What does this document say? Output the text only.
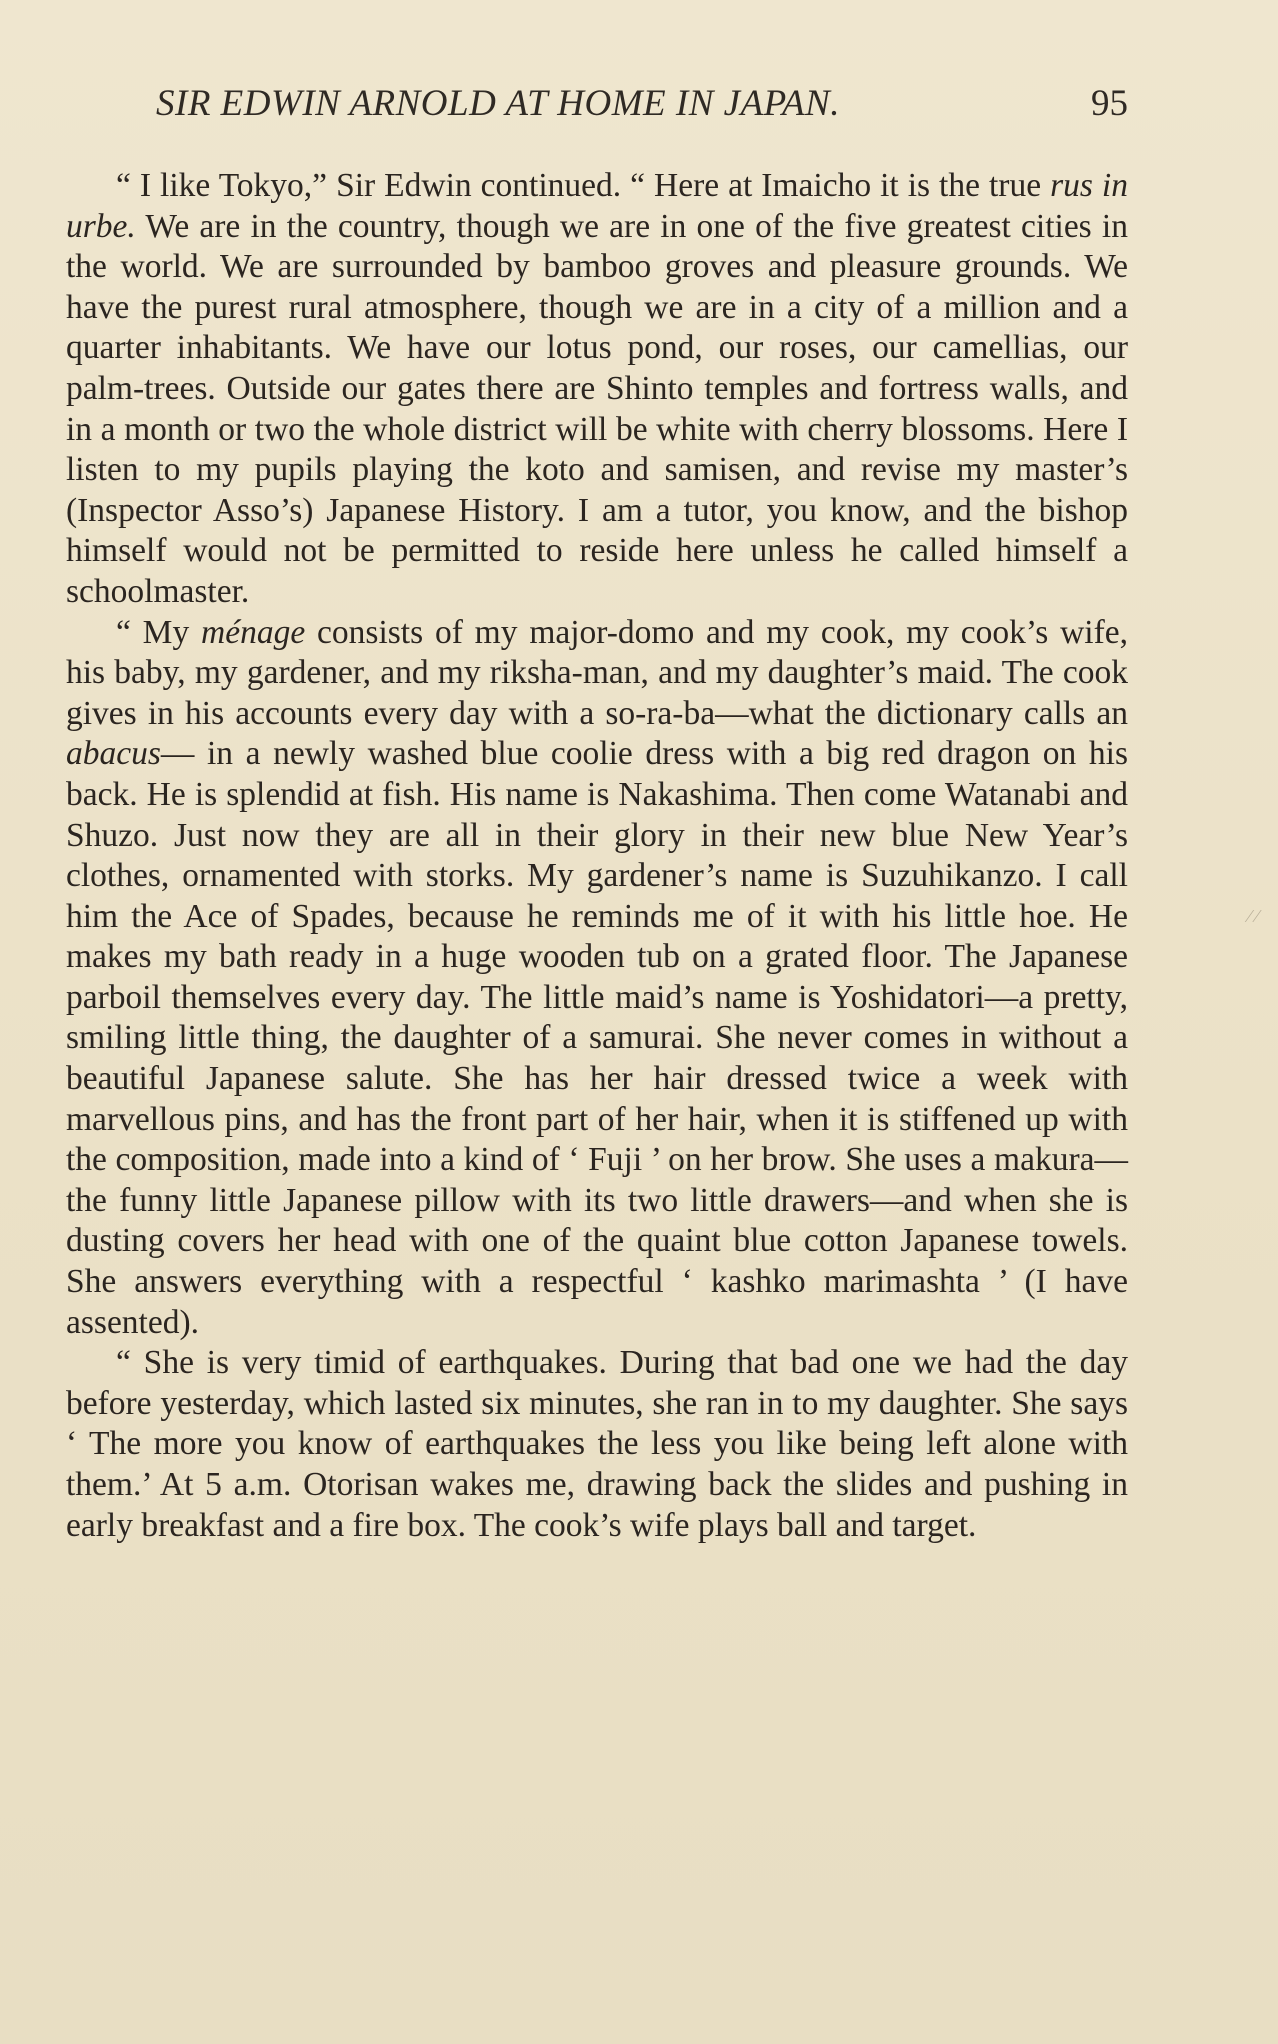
SIR EDWIN ARNOLD AT HOME IN JAPAN.	95

“ I like Tokyo,” Sir Edwin continued. “ Here at Imaicho it is the true rus in urbe. We are in the country, though we are in one of the five greatest cities in the world. We are surrounded by bamboo groves and pleasure grounds. We have the purest rural atmosphere, though we are in a city of a million and a quarter inhabitants. We have our lotus pond, our roses, our camellias, our palm-trees. Outside our gates there are Shinto temples and fortress walls, and in a month or two the whole district will be white with cherry blossoms. Here I listen to my pupils playing the koto and samisen, and revise my master’s (Inspector Asso’s) Japanese History. I am a tutor, you know, and the bishop himself would not be permitted to reside here unless he called himself a schoolmaster.

“ My ménage consists of my major-domo and my cook, my cook’s wife, his baby, my gardener, and my riksha-man, and my daughter’s maid. The cook gives in his accounts every day with a so-ra-ba—what the dictionary calls an abacus— in a newly washed blue coolie dress with a big red dragon on his back. He is splendid at fish. His name is Nakashima. Then come Watanabi and Shuzo. Just now they are all in their glory in their new blue New Year’s clothes, ornamented with storks. My gardener’s name is Suzuhikanzo. I call him the Ace of Spades, because he reminds me of it with his little hoe. He makes my bath ready in a huge wooden tub on a grated floor. The Japanese parboil themselves every day. The little maid’s name is Yoshidatori—a pretty, smiling little thing, the daughter of a samurai. She never comes in without a beautiful Japanese salute. She has her hair dressed twice a week with marvellous pins, and has the front part of her hair, when it is stiffened up with the composition, made into a kind of ‘ Fuji ’ on her brow. She uses a makura—the funny little Japanese pillow with its two little drawers—and when she is dusting covers her head with one of the quaint blue cotton Japanese towels. She answers everything with a respectful ‘ kashko marimashta ’ (I have assented).

“ She is very timid of earthquakes. During that bad one we had the day before yesterday, which lasted six minutes, she ran in to my daughter. She says ‘ The more you know of earthquakes the less you like being left alone with them.’ At 5 a.m. Otorisan wakes me, drawing back the slides and pushing in early breakfast and a fire box. The cook’s wife plays ball and target.

⁄ ⁄
